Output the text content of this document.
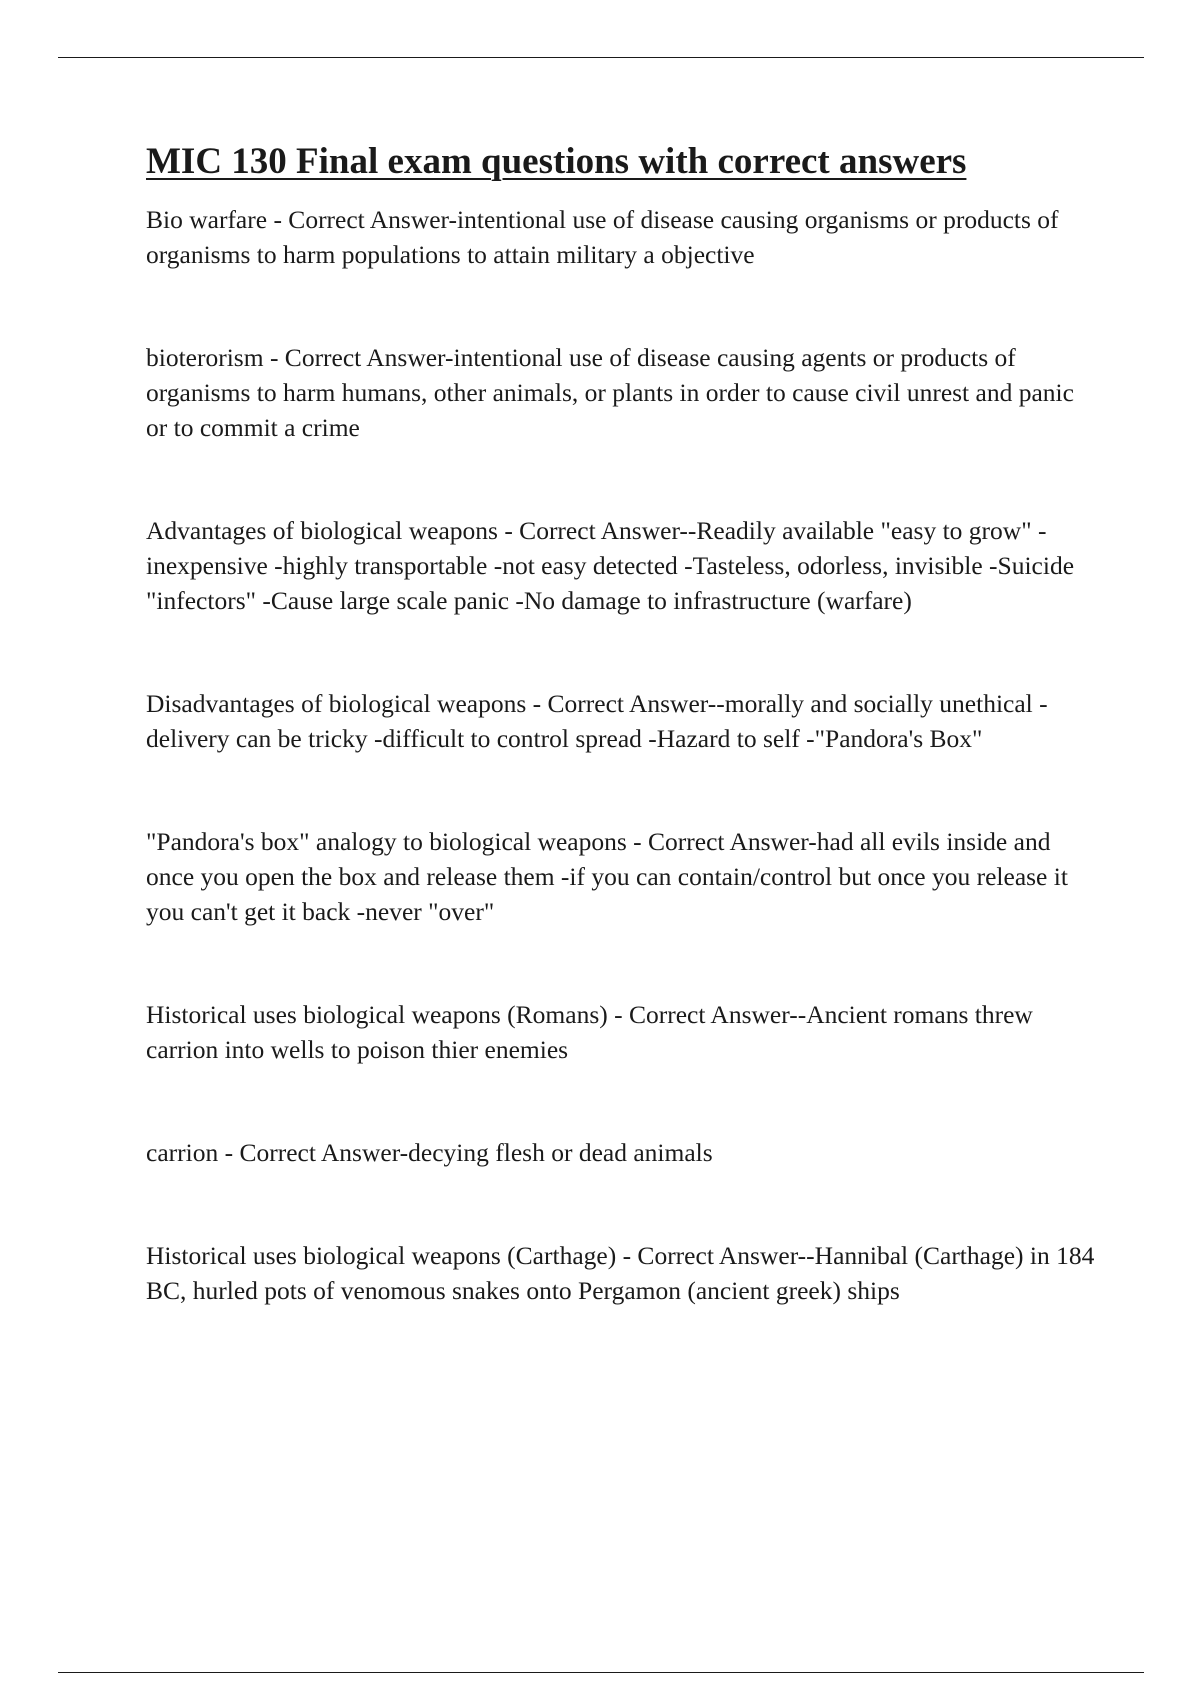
MIC 130 Final exam questions with correct answers

Bio warfare - Correct Answer-intentional use of disease causing organisms or products of organisms to harm populations to attain military a objective

bioterorism - Correct Answer-intentional use of disease causing agents or products of organisms to harm humans, other animals, or plants in order to cause civil unrest and panic or to commit a crime

Advantages of biological weapons - Correct Answer--Readily available "easy to grow" -inexpensive -highly transportable -not easy detected -Tasteless, odorless, invisible -Suicide "infectors" -Cause large scale panic -No damage to infrastructure (warfare)

Disadvantages of biological weapons - Correct Answer--morally and socially unethical -delivery can be tricky -difficult to control spread -Hazard to self -"Pandora's Box"

"Pandora's box" analogy to biological weapons - Correct Answer-had all evils inside and once you open the box and release them -if you can contain/control but once you release it you can't get it back -never "over"

Historical uses biological weapons (Romans) - Correct Answer--Ancient romans threw carrion into wells to poison thier enemies

carrion - Correct Answer-decying flesh or dead animals

Historical uses biological weapons (Carthage) - Correct Answer--Hannibal (Carthage) in 184 BC, hurled pots of venomous snakes onto Pergamon (ancient greek) ships
